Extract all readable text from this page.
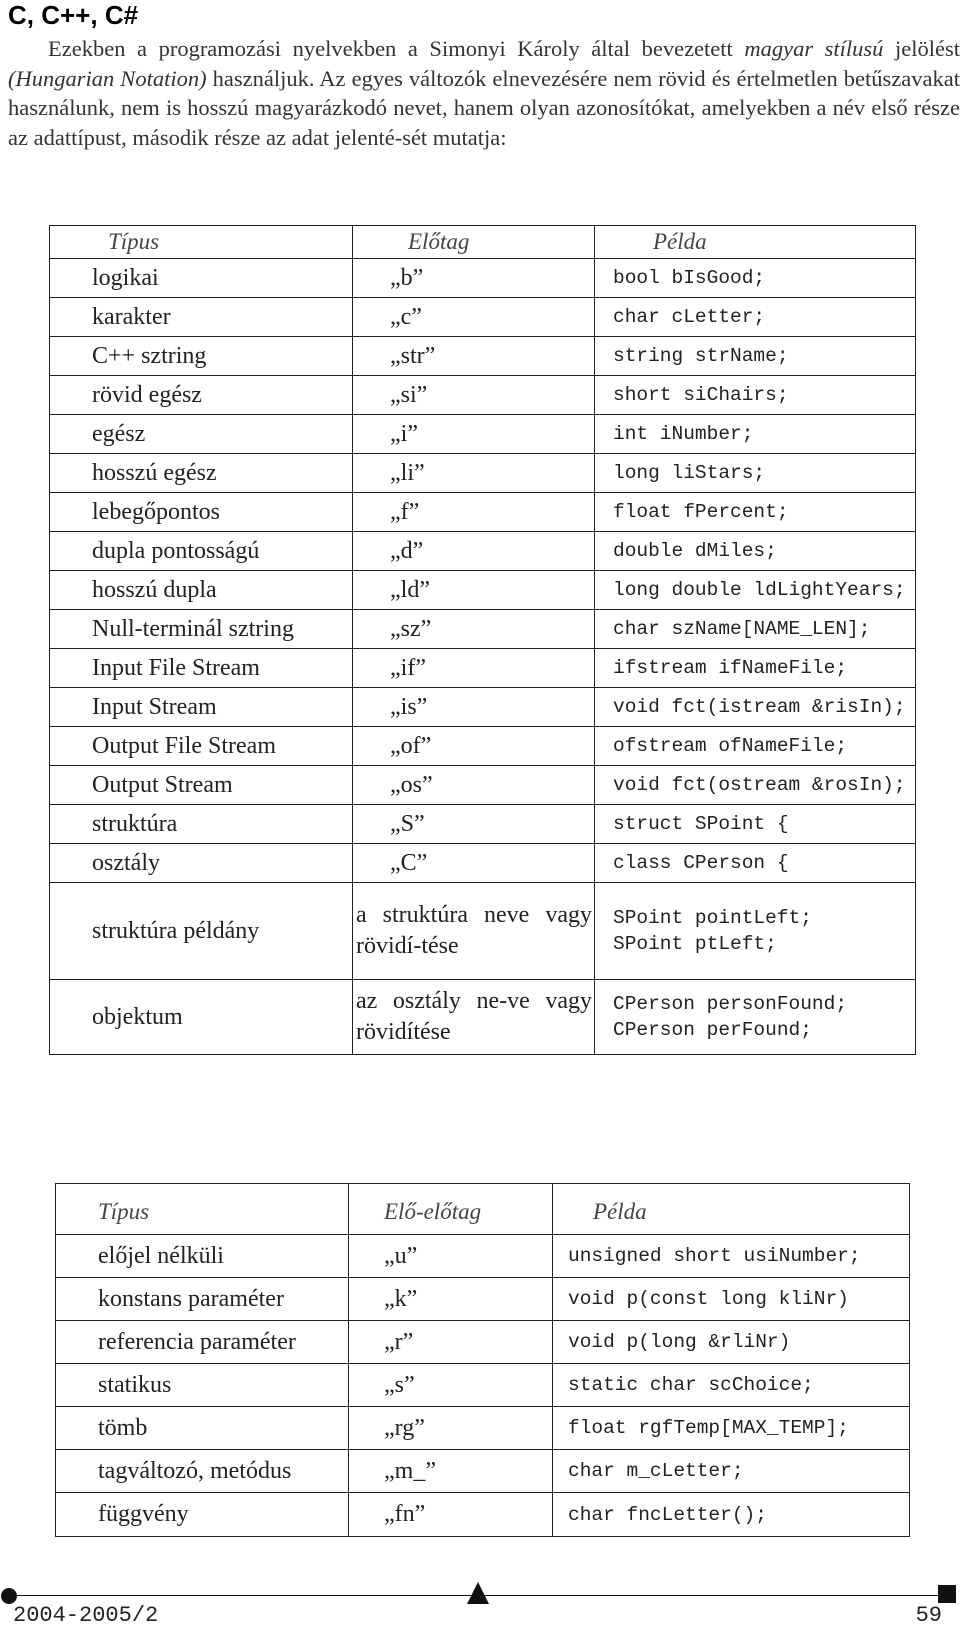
C, C++, C#
Ezekben a programozási nyelvekben a Simonyi Károly által bevezetett magyar stílusú jelölést (Hungarian Notation) használjuk. Az egyes változók elnevezésére nem rövid és értelmetlen betűszavakat használunk, nem is hosszú magyarázkodó nevet, hanem olyan azonosítókat, amelyekben a név első része az adattípust, második része az adat jelenté-sét mutatja:
Típus	Előtag	Példa
logikai	„b”	bool bIsGood;
karakter	„c”	char cLetter;
C++ sztring	„str”	string strName;
rövid egész	„si”	short siChairs;
egész	„i”	int iNumber;
hosszú egész	„li”	long liStars;
lebegőpontos	„f”	float fPercent;
dupla pontosságú	„d”	double dMiles;
hosszú dupla	„ld”	long double ldLightYears;
Null-terminál sztring	„sz”	char szName[NAME_LEN];
Input File Stream	„if”	ifstream ifNameFile;
Input Stream	„is”	void fct(istream &risIn);
Output File Stream	„of”	ofstream ofNameFile;
Output Stream	„os”	void fct(ostream &rosIn);
struktúra	„S”	struct SPoint {
osztály	„C”	class CPerson {
struktúra példány	a struktúra neve vagy rövidí-tése	SPoint pointLeft;
SPoint ptLeft;

objektum	az osztály ne-ve vagy rövidítése	CPerson personFound;
CPerson perFound;
Típus	Elő-előtag	Példa
előjel nélküli	„u”	unsigned short usiNumber;
konstans paraméter	„k”	void p(const long kliNr)
referencia paraméter	„r”	void p(long &rliNr)
statikus	„s”	static char scChoice;
tömb	„rg”	float rgfTemp[MAX_TEMP];
tagváltozó, metódus	„m_”	char m_cLetter;
függvény	„fn”	char fncLetter();
2004-2005/2	59
